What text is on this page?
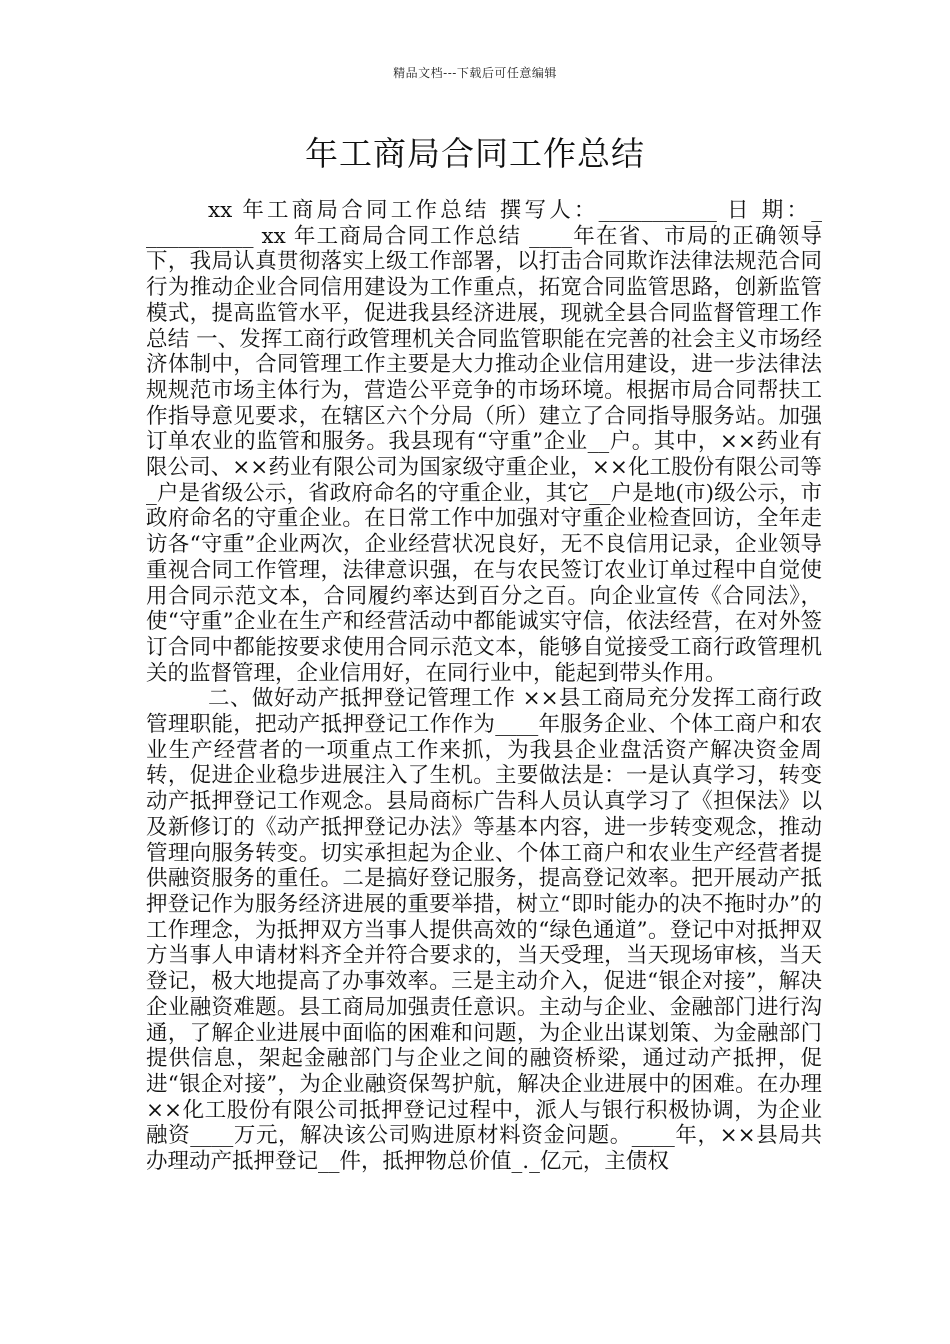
精品文档---下载后可任意编辑
年工商局合同工作总结

xx 年工商局合同工作总结 撰写人：___________ 日 期：_ __________ xx 年工商局合同工作总结 ____年在省、市局的正确领导下，我局认真贯彻落实上级工作部署，以打击合同欺诈法律法规范合同行为推动企业合同信用建设为工作重点，拓宽合同监管思路，创新监管模式，提高监管水平，促进我县经济进展，现就全县合同监督管理工作总结 一、发挥工商行政管理机关合同监管职能在完善的社会主义市场经济体制中，合同管理工作主要是大力推动企业信用建设，进一步法律法规规范市场主体行为，营造公平竞争的市场环境。根据市局合同帮扶工作指导意见要求，在辖区六个分局（所）建立了合同指导服务站。加强订单农业的监管和服务。我县现有“守重”企业__户。其中，××药业有限公司、××药业有限公司为国家级守重企业，××化工股份有限公司等_户是省级公示，省政府命名的守重企业，其它__户是地(市)级公示，市政府命名的守重企业。在日常工作中加强对守重企业检查回访，全年走访各“守重”企业两次，企业经营状况良好，无不良信用记录，企业领导重视合同工作管理，法律意识强，在与农民签订农业订单过程中自觉使用合同示范文本，合同履约率达到百分之百。向企业宣传《合同法》，使“守重”企业在生产和经营活动中都能诚实守信，依法经营，在对外签订合同中都能按要求使用合同示范文本，能够自觉接受工商行政管理机关的监督管理，企业信用好，在同行业中，能起到带头作用。

二、做好动产抵押登记管理工作 ××县工商局充分发挥工商行政管理职能，把动产抵押登记工作作为____年服务企业、个体工商户和农业生产经营者的一项重点工作来抓，为我县企业盘活资产解决资金周转，促进企业稳步进展注入了生机。主要做法是：一是认真学习，转变动产抵押登记工作观念。县局商标广告科人员认真学习了《担保法》以及新修订的《动产抵押登记办法》等基本内容，进一步转变观念，推动管理向服务转变。切实承担起为企业、个体工商户和农业生产经营者提供融资服务的重任。二是搞好登记服务，提高登记效率。把开展动产抵押登记作为服务经济进展的重要举措，树立“即时能办的决不拖时办”的工作理念，为抵押双方当事人提供高效的“绿色通道”。登记中对抵押双方当事人申请材料齐全并符合要求的，当天受理，当天现场审核，当天登记，极大地提高了办事效率。三是主动介入，促进“银企对接”，解决企业融资难题。县工商局加强责任意识。主动与企业、金融部门进行沟通，了解企业进展中面临的困难和问题，为企业出谋划策、为金融部门提供信息，架起金融部门与企业之间的融资桥梁，通过动产抵押，促进“银企对接”，为企业融资保驾护航，解决企业进展中的困难。在办理××化工股份有限公司抵押登记过程中，派人与银行积极协调，为企业融资____万元，解决该公司购进原材料资金问题。____年，××县局共办理动产抵押登记__件，抵押物总价值_._亿元，主债权
